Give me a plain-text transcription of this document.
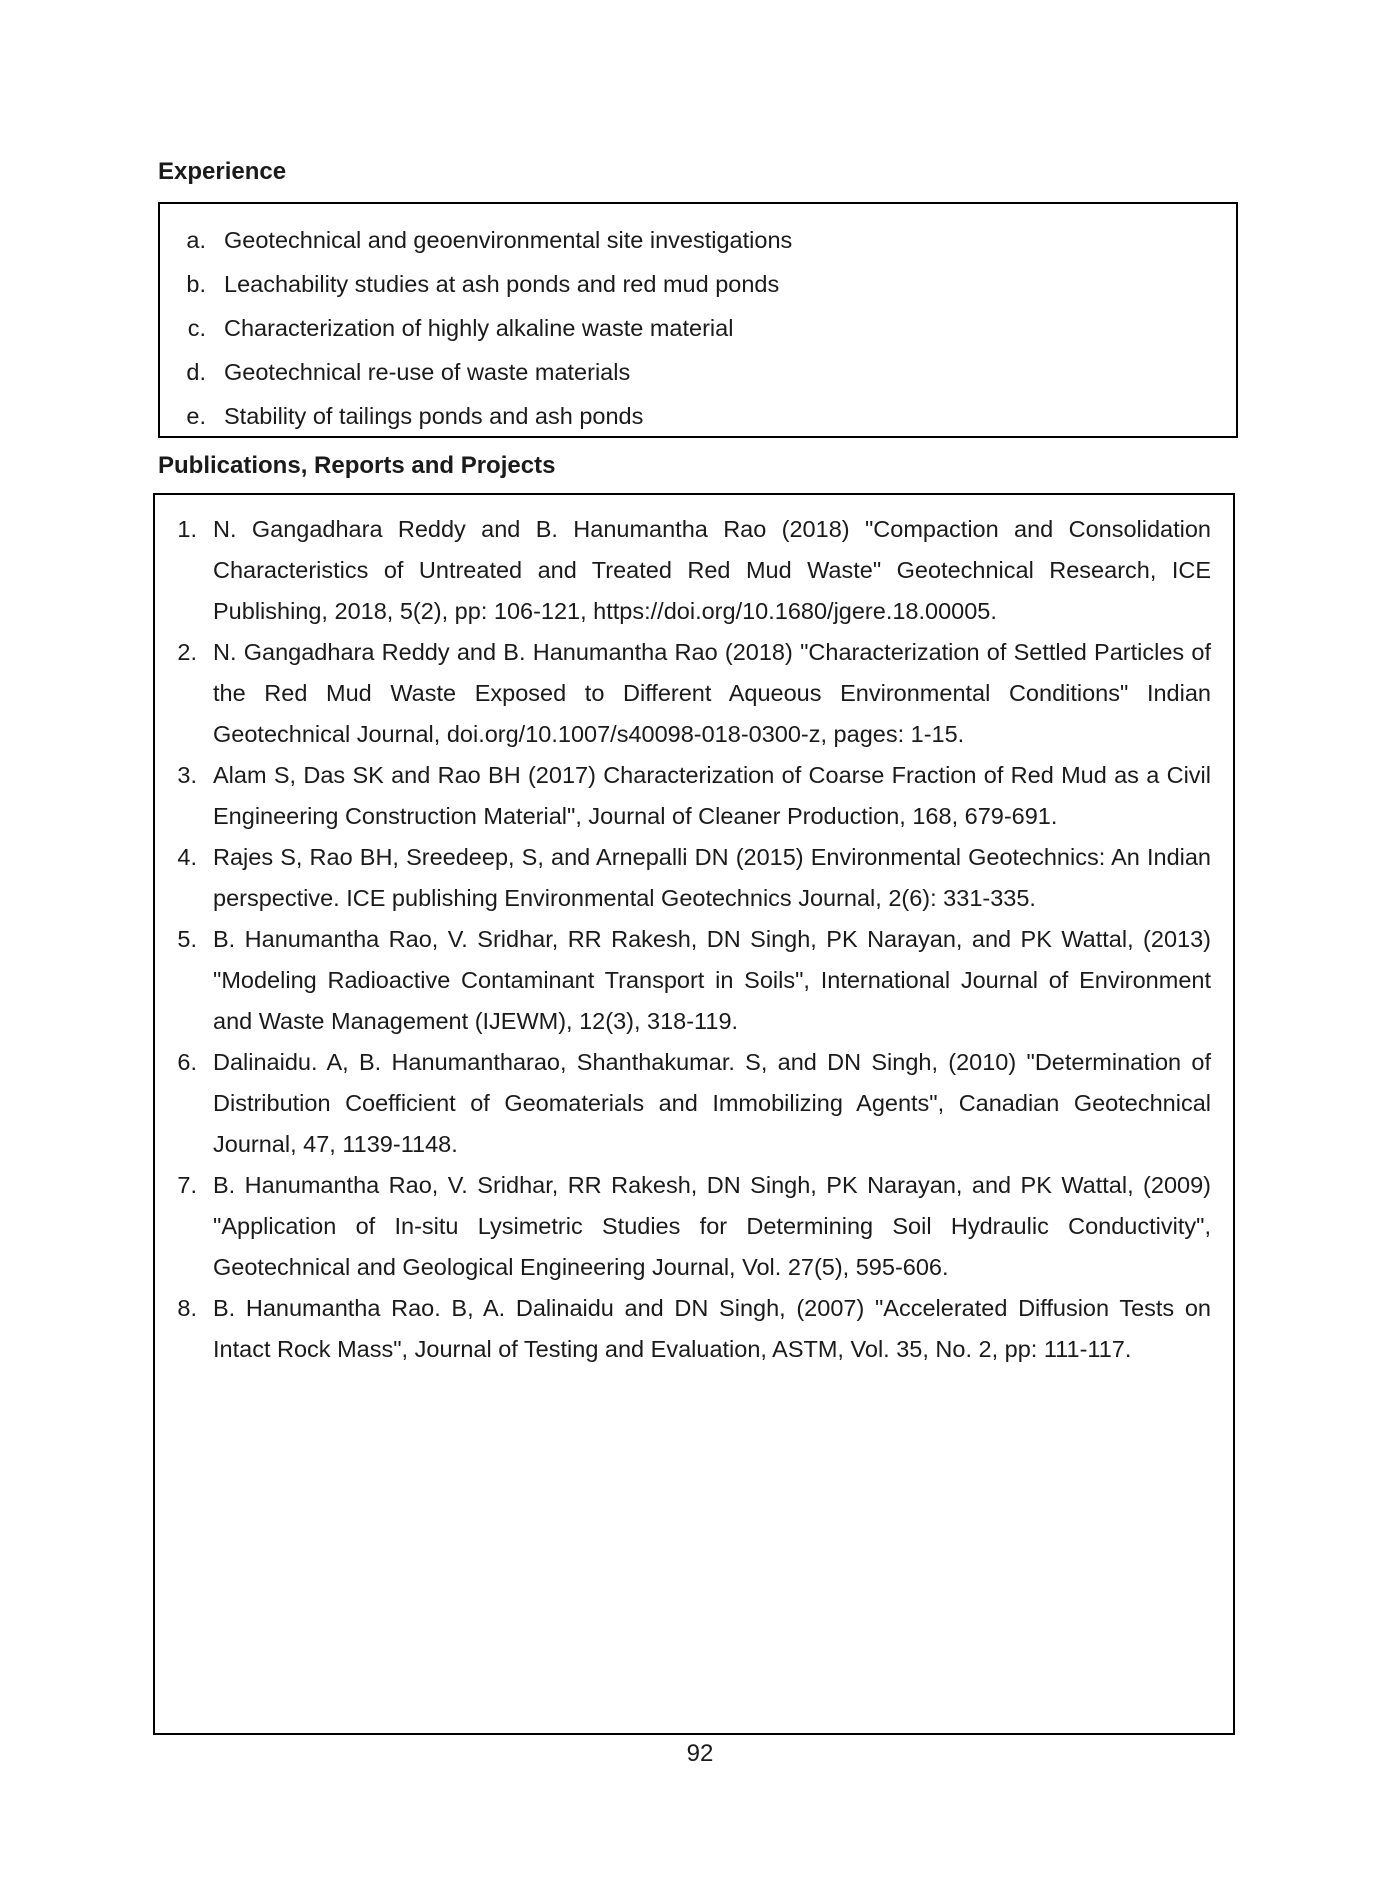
Experience
a. Geotechnical and geoenvironmental site investigations
b. Leachability studies at ash ponds and red mud ponds
c. Characterization of highly alkaline waste material
d. Geotechnical re-use of waste materials
e. Stability of tailings ponds and ash ponds
Publications, Reports and Projects
1. N. Gangadhara Reddy and B. Hanumantha Rao (2018) "Compaction and Consolidation Characteristics of Untreated and Treated Red Mud Waste" Geotechnical Research, ICE Publishing, 2018, 5(2), pp: 106-121, https://doi.org/10.1680/jgere.18.00005.
2. N. Gangadhara Reddy and B. Hanumantha Rao (2018) "Characterization of Settled Particles of the Red Mud Waste Exposed to Different Aqueous Environmental Conditions" Indian Geotechnical Journal, doi.org/10.1007/s40098-018-0300-z, pages: 1-15.
3. Alam S, Das SK and Rao BH (2017) Characterization of Coarse Fraction of Red Mud as a Civil Engineering Construction Material", Journal of Cleaner Production, 168, 679-691.
4. Rajes S, Rao BH, Sreedeep, S, and Arnepalli DN (2015) Environmental Geotechnics: An Indian perspective. ICE publishing Environmental Geotechnics Journal, 2(6): 331-335.
5. B. Hanumantha Rao, V. Sridhar, RR Rakesh, DN Singh, PK Narayan, and PK Wattal, (2013) "Modeling Radioactive Contaminant Transport in Soils", International Journal of Environment and Waste Management (IJEWM), 12(3), 318-119.
6. Dalinaidu. A, B. Hanumantharao, Shanthakumar. S, and DN Singh, (2010) "Determination of Distribution Coefficient of Geomaterials and Immobilizing Agents", Canadian Geotechnical Journal, 47, 1139-1148.
7. B. Hanumantha Rao, V. Sridhar, RR Rakesh, DN Singh, PK Narayan, and PK Wattal, (2009) "Application of In-situ Lysimetric Studies for Determining Soil Hydraulic Conductivity", Geotechnical and Geological Engineering Journal, Vol. 27(5), 595-606.
8. B. Hanumantha Rao. B, A. Dalinaidu and DN Singh, (2007) "Accelerated Diffusion Tests on Intact Rock Mass", Journal of Testing and Evaluation, ASTM, Vol. 35, No. 2, pp: 111-117.
92
